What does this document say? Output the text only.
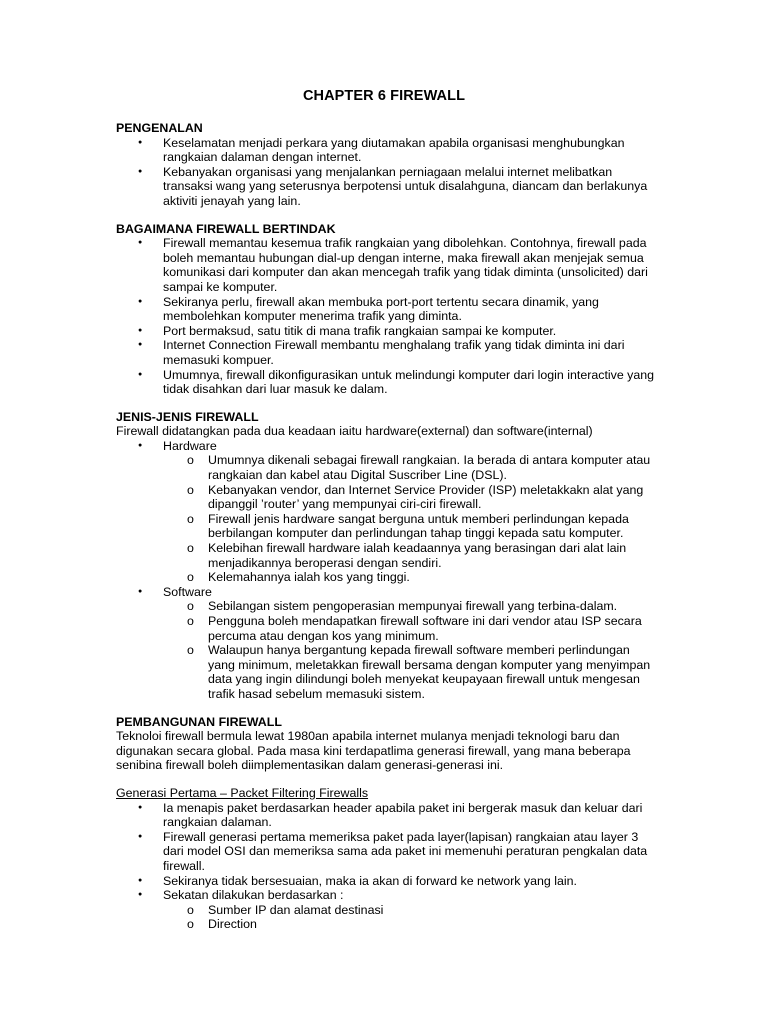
CHAPTER 6 FIREWALL

PENGENALAN

● Keselamatan menjadi perkara yang diutamakan apabila organisasi menghubungkan rangkaian dalaman dengan internet.
● Kebanyakan organisasi yang menjalankan perniagaan melalui internet melibatkan transaksi wang yang seterusnya berpotensi untuk disalahguna, diancam dan berlakunya aktiviti jenayah yang lain.

BAGAIMANA FIREWALL BERTINDAK

● Firewall memantau kesemua trafik rangkaian yang dibolehkan. Contohnya, firewall pada boleh memantau hubungan dial-up dengan interne, maka firewall akan menjejak semua komunikasi dari komputer dan akan mencegah trafik yang tidak diminta (unsolicited) dari sampai ke komputer.
● Sekiranya perlu, firewall akan membuka port-port tertentu secara dinamik, yang membolehkan komputer menerima trafik yang diminta.
● Port bermaksud, satu titik di mana trafik rangkaian sampai ke komputer.
● Internet Connection Firewall membantu menghalang trafik yang tidak diminta ini dari memasuki kompuer.
● Umumnya, firewall dikonfigurasikan untuk melindungi komputer dari login interactive yang tidak disahkan dari luar masuk ke dalam.

JENIS-JENIS FIREWALL

Firewall didatangkan pada dua keadaan iaitu hardware(external) dan software(internal)

● Hardware
o Umumnya dikenali sebagai firewall rangkaian. Ia berada di antara komputer atau rangkaian dan kabel atau Digital Suscriber Line (DSL).
o Kebanyakan vendor, dan Internet Service Provider (ISP) meletakkakn alat yang dipanggil ’router’ yang mempunyai ciri-ciri firewall.
o Firewall jenis hardware sangat berguna untuk memberi perlindungan kepada berbilangan komputer dan perlindungan tahap tinggi kepada satu komputer.
o Kelebihan firewall hardware ialah keadaannya yang berasingan dari alat lain menjadikannya beroperasi dengan sendiri.
o Kelemahannya ialah kos yang tinggi.
● Software
o Sebilangan sistem pengoperasian mempunyai firewall yang terbina-dalam.
o Pengguna boleh mendapatkan firewall software ini dari vendor atau ISP secara percuma atau dengan kos yang minimum.
o Walaupun hanya bergantung kepada firewall software memberi perlindungan yang minimum, meletakkan firewall bersama dengan komputer yang menyimpan data yang ingin dilindungi boleh menyekat keupayaan firewall untuk mengesan trafik hasad sebelum memasuki sistem.

PEMBANGUNAN FIREWALL

Teknoloi firewall bermula lewat 1980an apabila internet mulanya menjadi teknologi baru dan digunakan secara global. Pada masa kini terdapatlima generasi firewall, yang mana beberapa senibina firewall boleh diimplementasikan dalam generasi-generasi ini.

Generasi Pertama – Packet Filtering Firewalls

● Ia menapis paket berdasarkan header apabila paket ini bergerak masuk dan keluar dari rangkaian dalaman.
● Firewall generasi pertama memeriksa paket pada layer(lapisan) rangkaian atau layer 3 dari model OSI dan memeriksa sama ada paket ini memenuhi peraturan pengkalan data firewall.
● Sekiranya tidak bersesuaian, maka ia akan di forward ke network yang lain.
● Sekatan dilakukan berdasarkan :
o Sumber IP dan alamat destinasi
o Direction
